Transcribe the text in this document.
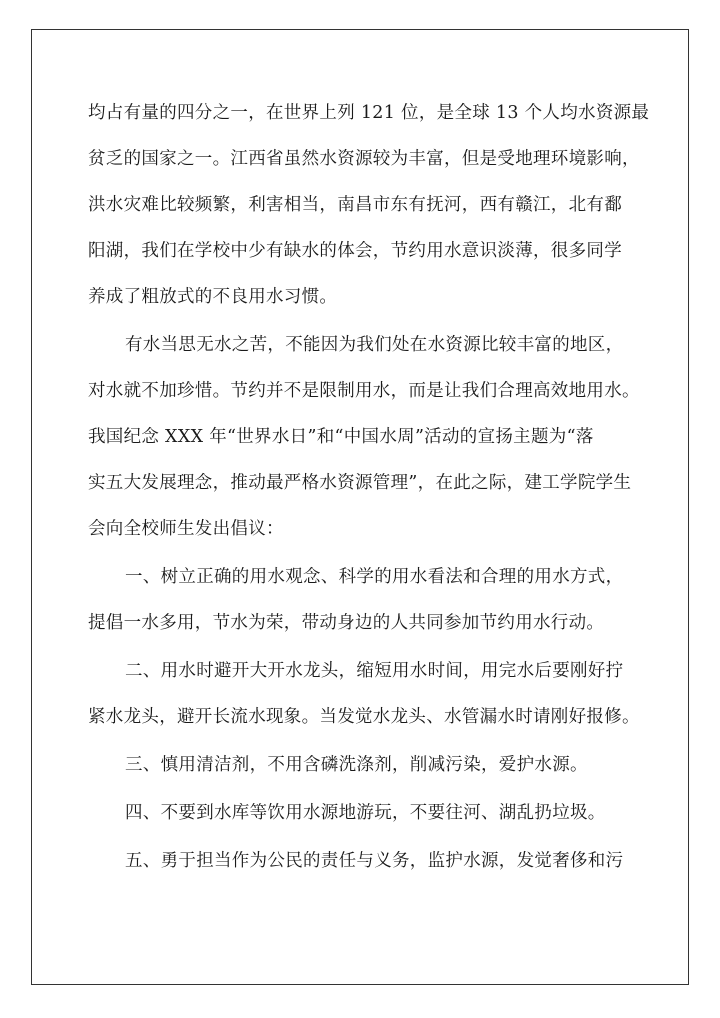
均占有量的四分之一，在世界上列 121 位，是全球 13 个人均水资源最
贫乏的国家之一。江西省虽然水资源较为丰富，但是受地理环境影响，
洪水灾难比较频繁，利害相当，南昌市东有抚河，西有赣江，北有鄱
阳湖，我们在学校中少有缺水的体会，节约用水意识淡薄，很多同学
养成了粗放式的不良用水习惯。
有水当思无水之苦，不能因为我们处在水资源比较丰富的地区，
对水就不加珍惜。节约并不是限制用水，而是让我们合理高效地用水。
我国纪念 XXX 年“世界水日”和“中国水周”活动的宣扬主题为“落
实五大发展理念，推动最严格水资源管理”，在此之际，建工学院学生
会向全校师生发出倡议：
一、树立正确的用水观念、科学的用水看法和合理的用水方式，
提倡一水多用，节水为荣，带动身边的人共同参加节约用水行动。
二、用水时避开大开水龙头，缩短用水时间，用完水后要刚好拧
紧水龙头，避开长流水现象。当发觉水龙头、水管漏水时请刚好报修。
三、慎用清洁剂，不用含磷洗涤剂，削减污染，爱护水源。
四、不要到水库等饮用水源地游玩，不要往河、湖乱扔垃圾。
五、勇于担当作为公民的责任与义务，监护水源，发觉奢侈和污
